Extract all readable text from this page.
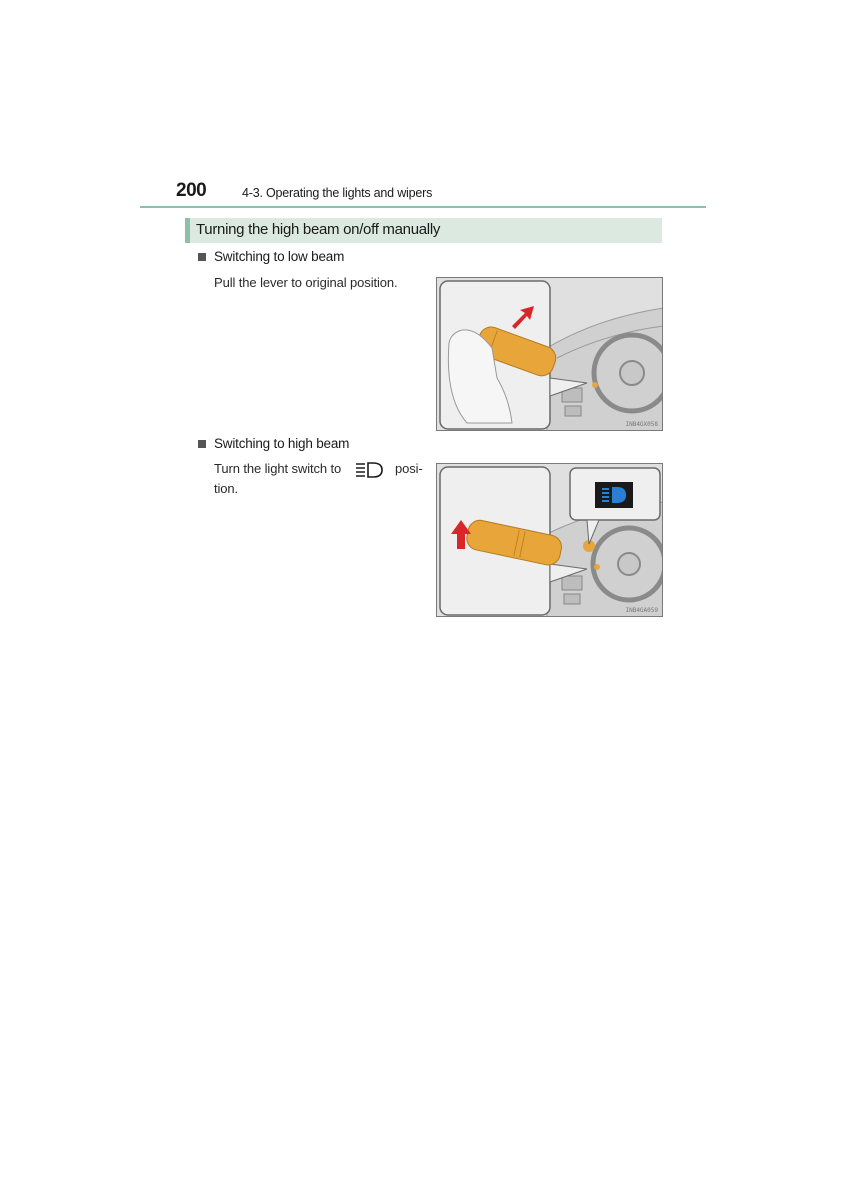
200	4-3. Operating the lights and wipers
Turning the high beam on/off manually
Switching to low beam
Pull the lever to original position.
INB4GX058
Switching to high beam
Turn the light switch to	posi-
tion.
INB4GA059
